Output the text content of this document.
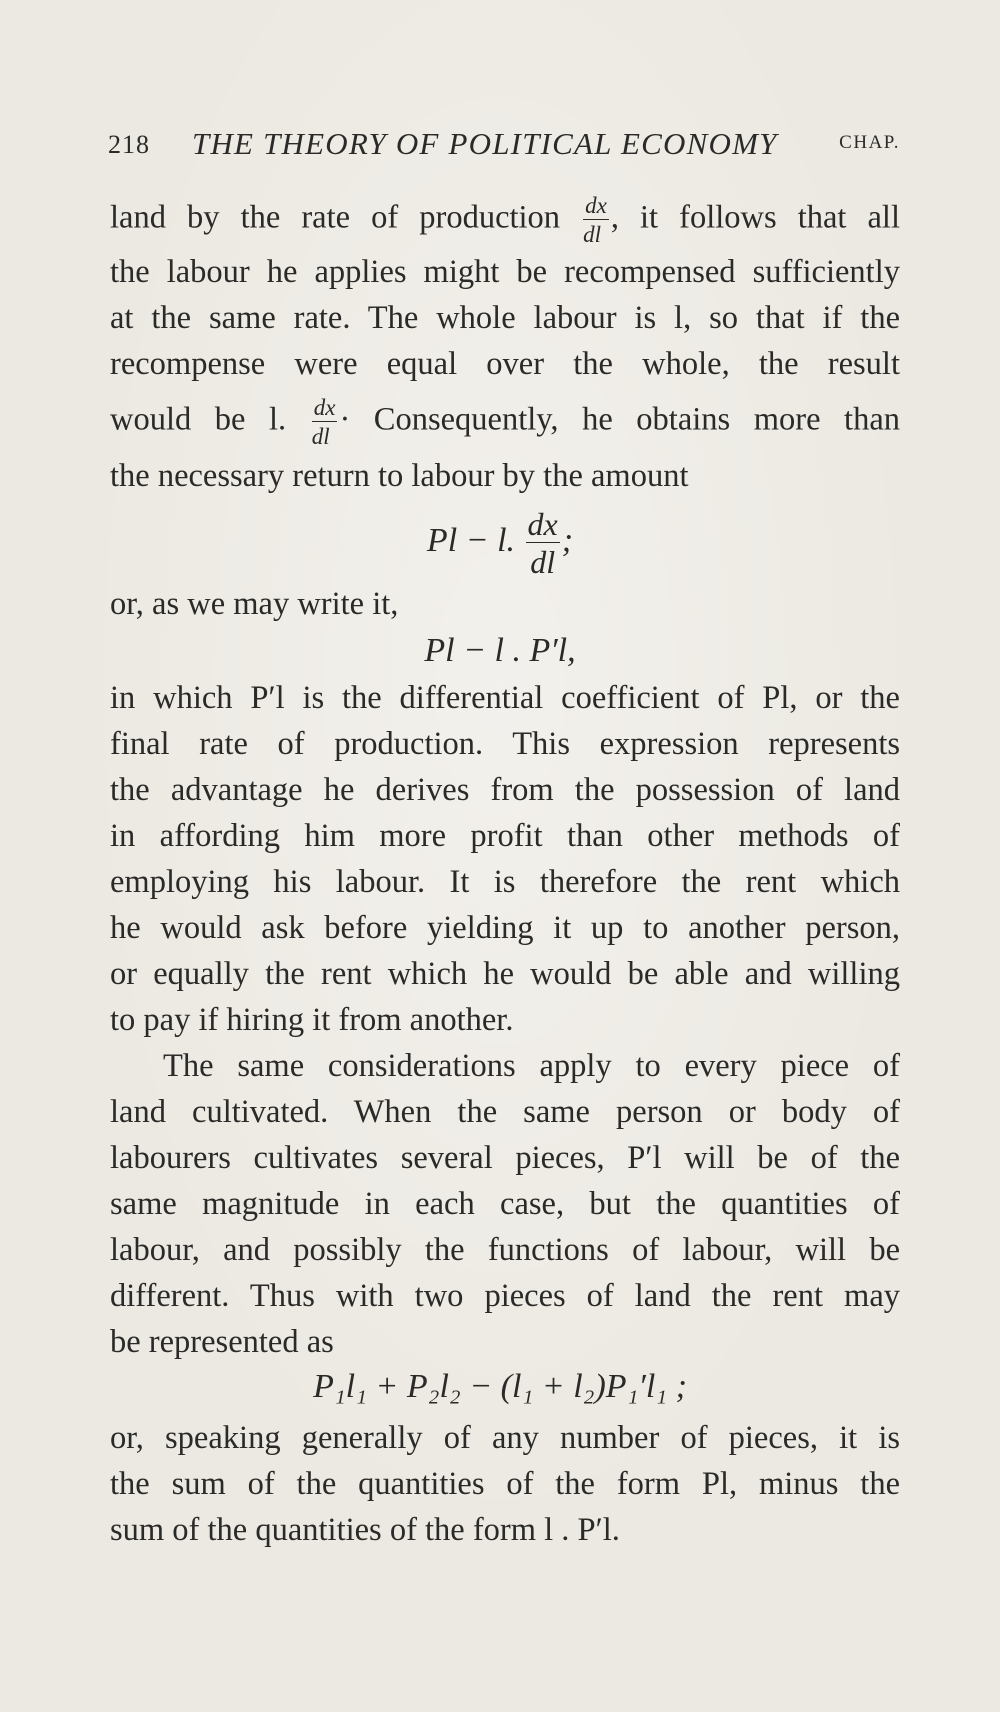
218 THE THEORY OF POLITICAL ECONOMY	CHAP.
land by the rate of production $\frac{dx}{dl}$ , it follows that all
the labour he applies might be recompensed sufficiently
at the same rate. The whole labour is l, so that if the
recompense were equal over the whole, the result
would be l. $\frac{dx}{dl}$ · Consequently, he obtains more than
the necessary return to labour by the amount
Pl − l. $\frac{dx}{dl}$ ;
or, as we may write it,
Pl − l . P′l,
in which P′l is the differential coefficient of Pl, or the
final rate of production. This expression represents
the advantage he derives from the possession of land
in affording him more profit than other methods of
employing his labour. It is therefore the rent which
he would ask before yielding it up to another person,
or equally the rent which he would be able and willing
to pay if hiring it from another.
The same considerations apply to every piece of
land cultivated. When the same person or body of
labourers cultivates several pieces, P′l will be of the
same magnitude in each case, but the quantities of
labour, and possibly the functions of labour, will be
different. Thus with two pieces of land the rent may
be represented as
P₁l₁ + P₂l₂ − (l₁ + l₂)P₁′l₁ ;
or, speaking generally of any number of pieces, it is
the sum of the quantities of the form Pl, minus the
sum of the quantities of the form l . P′l.
